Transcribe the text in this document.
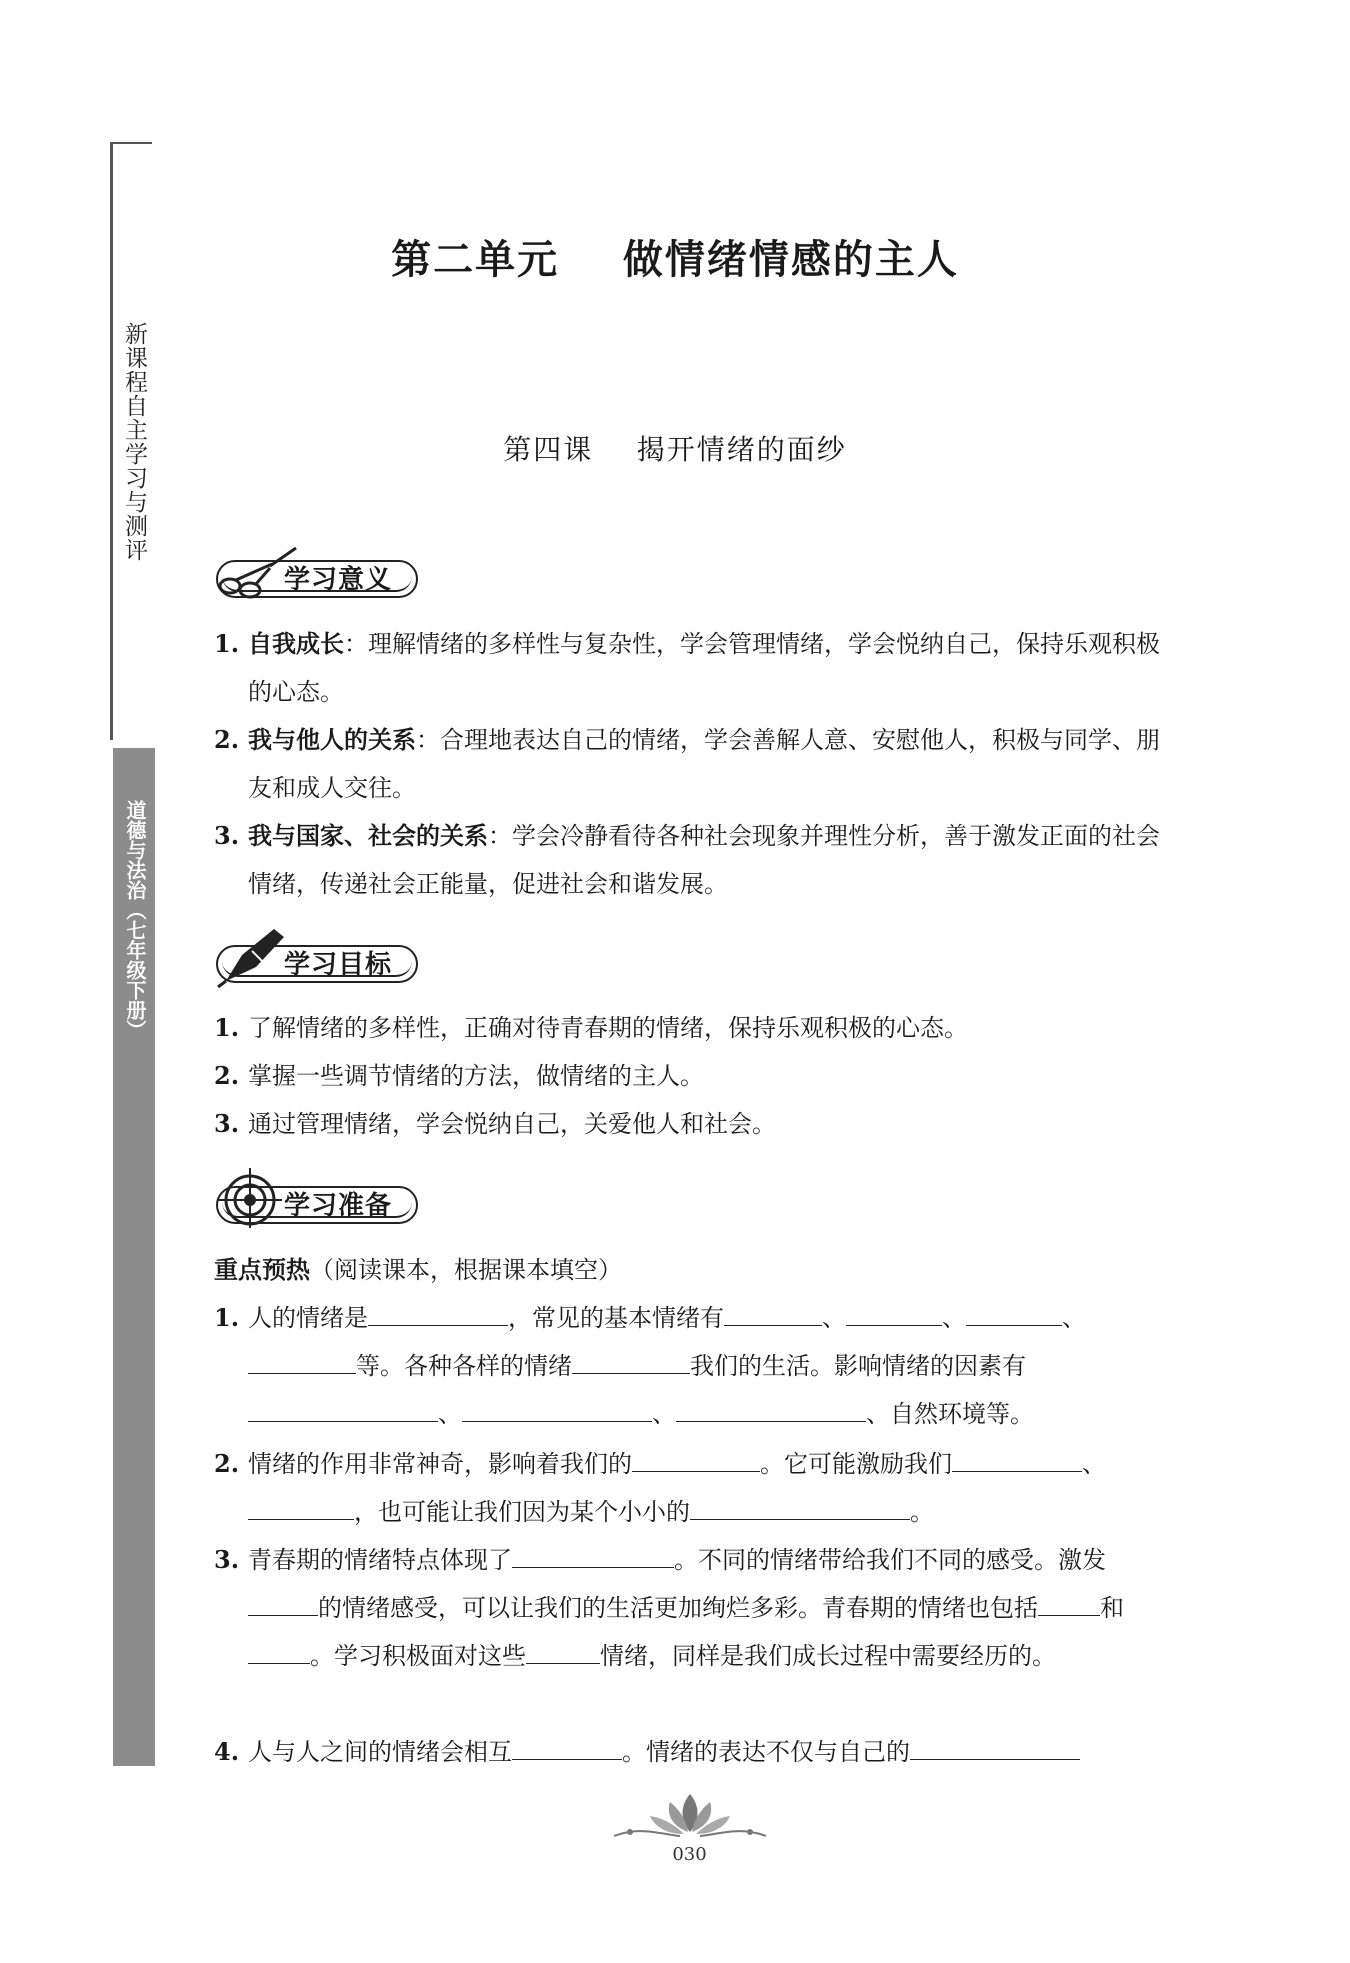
新课程自主学习与测评
道德与法治（七年级下册）
第二单元    做情绪情感的主人
第四课    揭开情绪的面纱
学习意义
1. 自我成长：理解情绪的多样性与复杂性，学会管理情绪，学会悦纳自己，保持乐观积极的心态。
2. 我与他人的关系：合理地表达自己的情绪，学会善解人意、安慰他人，积极与同学、朋友和成人交往。
3. 我与国家、社会的关系：学会冷静看待各种社会现象并理性分析，善于激发正面的社会情绪，传递社会正能量，促进社会和谐发展。
学习目标
1. 了解情绪的多样性，正确对待青春期的情绪，保持乐观积极的心态。
2. 掌握一些调节情绪的方法，做情绪的主人。
3. 通过管理情绪，学会悦纳自己，关爱他人和社会。
学习准备
重点预热（阅读课本，根据课本填空）
1. 人的情绪是	，常见的基本情绪有	、	、	、等。各种各样的情绪	我们的生活。影响情绪的因素有、	、	、自然环境等。
2. 情绪的作用非常神奇，影响着我们的	。它可能激励我们	、，也可能让我们因为某个小小的	。
3. 青春期的情绪特点体现了	。不同的情绪带给我们不同的感受。激发的情绪感受，可以让我们的生活更加绚烂多彩。青春期的情绪也包括	和。学习积极面对这些	情绪，同样是我们成长过程中需要经历的。
4. 人与人之间的情绪会相互	。情绪的表达不仅与自己的
030
